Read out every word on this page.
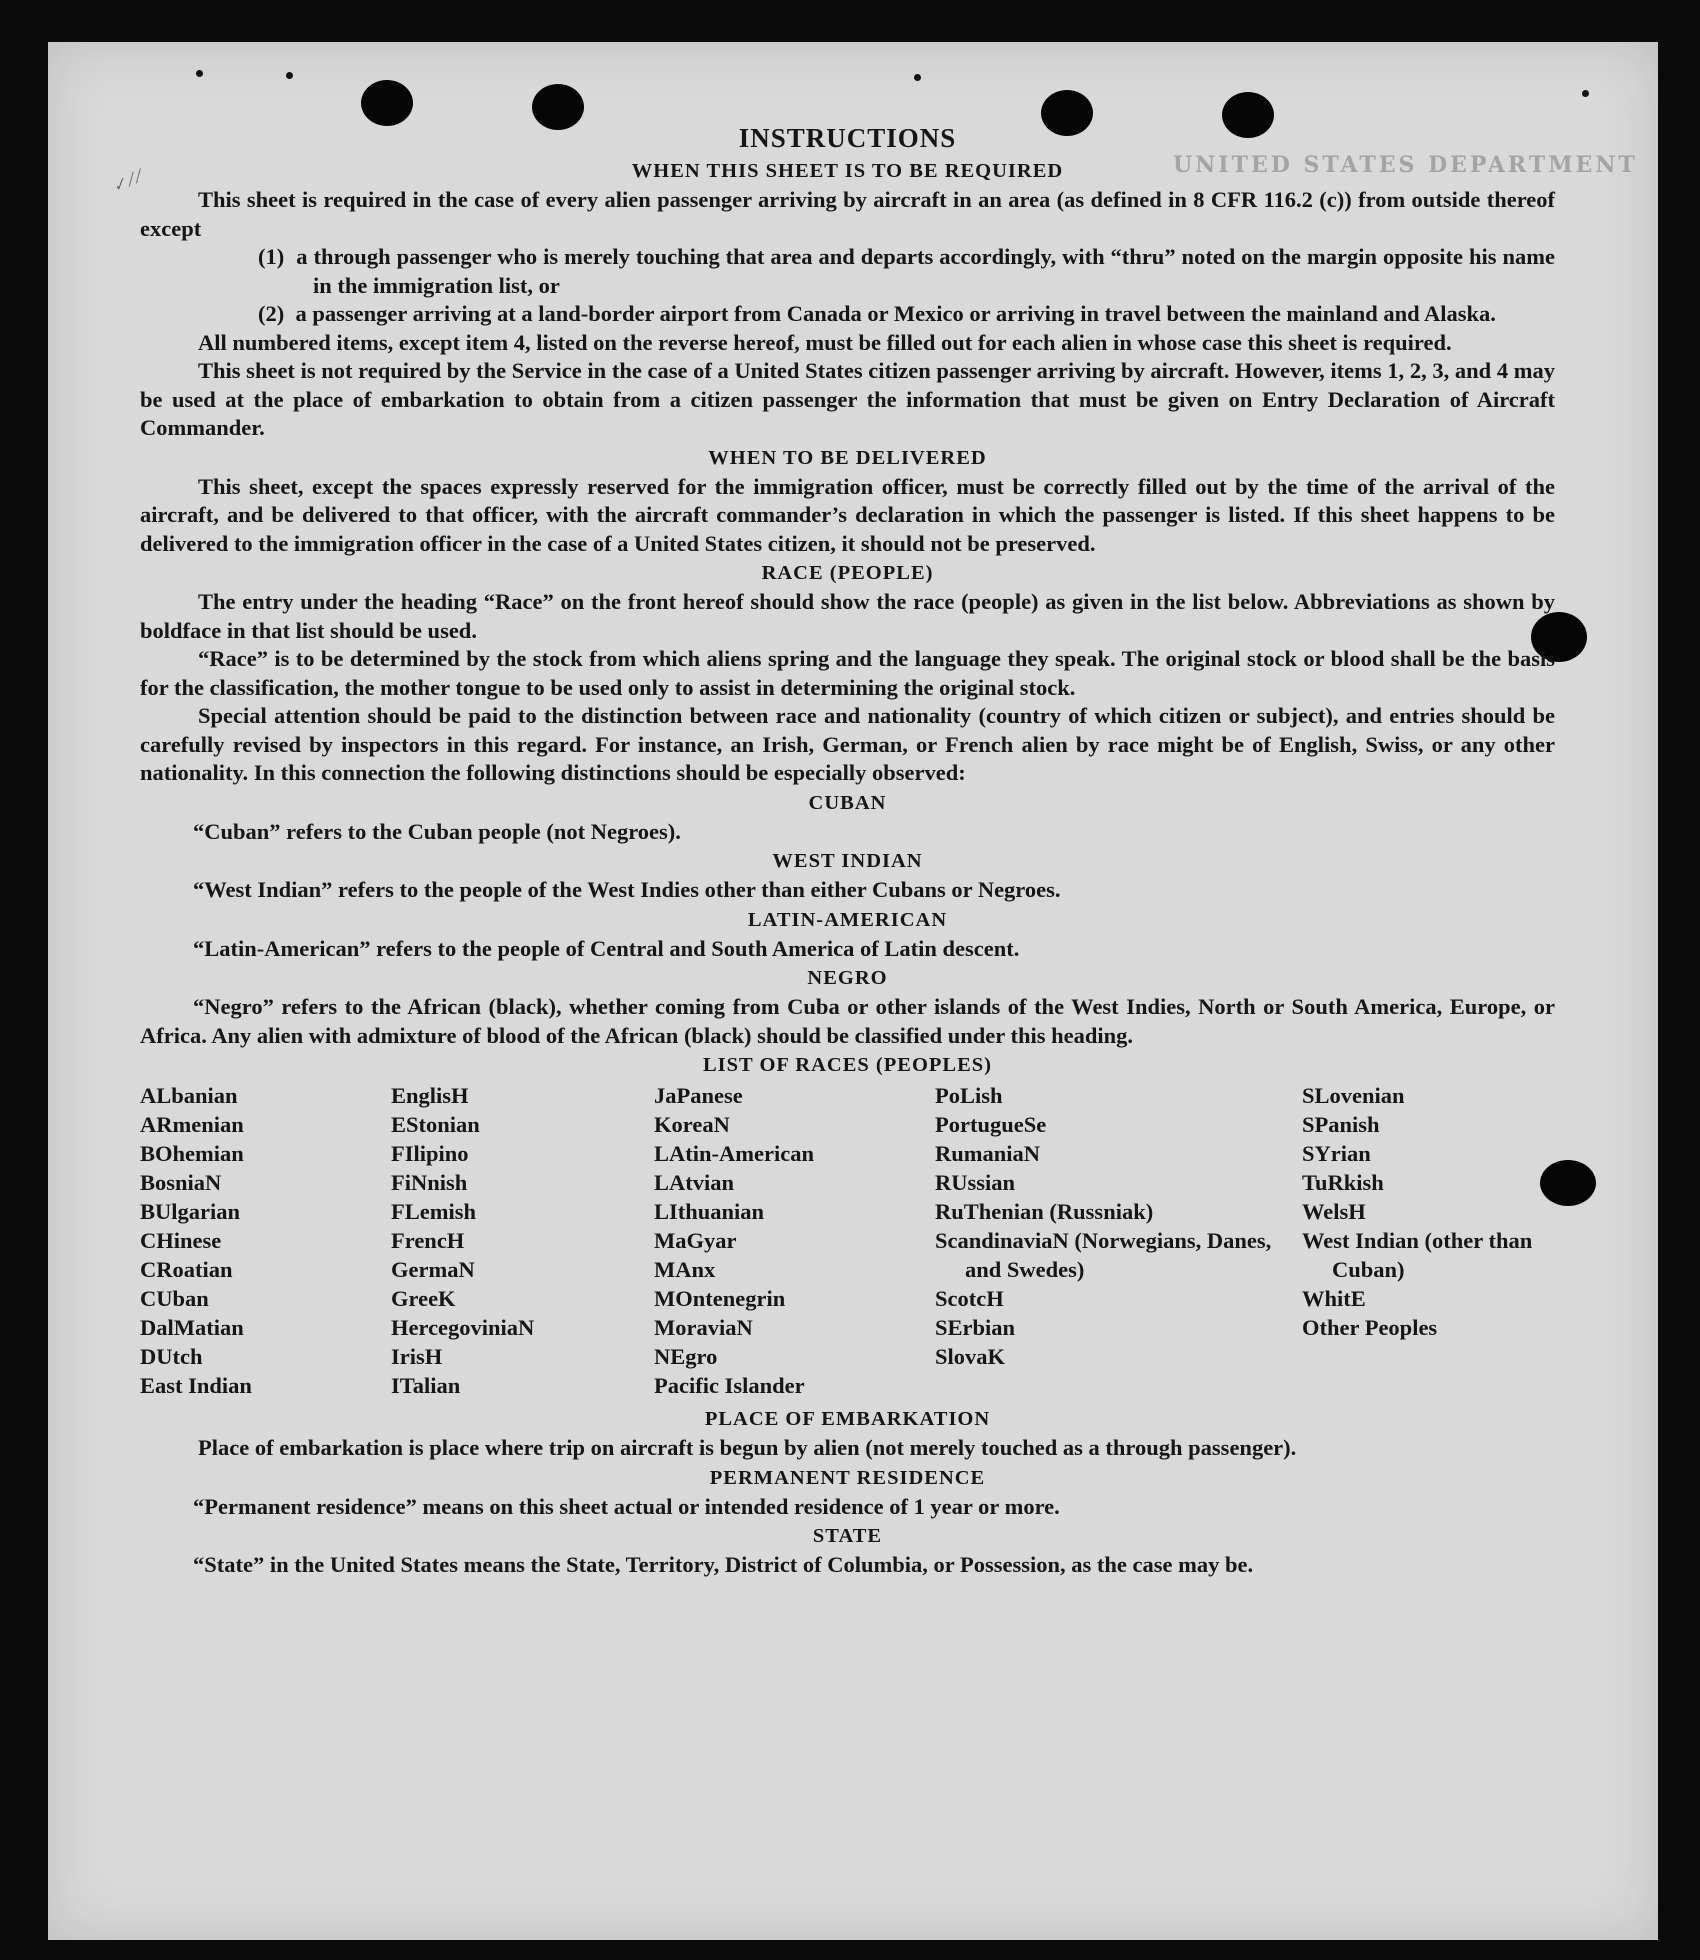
UNITED STATES DEPARTMENT
✓ ⁄ ⁄
INSTRUCTIONS
WHEN THIS SHEET IS TO BE REQUIRED

This sheet is required in the case of every alien passenger arriving by aircraft in an area (as defined in 8 CFR 116.2 (c)) from outside thereof except

(1) a through passenger who is merely touching that area and departs accordingly, with “thru” noted on the margin opposite his name in the immigration list, or

(2) a passenger arriving at a land-border airport from Canada or Mexico or arriving in travel between the mainland and Alaska.

All numbered items, except item 4, listed on the reverse hereof, must be filled out for each alien in whose case this sheet is required.

This sheet is not required by the Service in the case of a United States citizen passenger arriving by aircraft. However, items 1, 2, 3, and 4 may be used at the place of embarkation to obtain from a citizen passenger the information that must be given on Entry Declaration of Aircraft Commander.

WHEN TO BE DELIVERED

This sheet, except the spaces expressly reserved for the immigration officer, must be correctly filled out by the time of the arrival of the aircraft, and be delivered to that officer, with the aircraft commander’s declaration in which the passenger is listed. If this sheet happens to be delivered to the immigration officer in the case of a United States citizen, it should not be preserved.

RACE (PEOPLE)

The entry under the heading “Race” on the front hereof should show the race (people) as given in the list below. Abbreviations as shown by boldface in that list should be used.

“Race” is to be determined by the stock from which aliens spring and the language they speak. The original stock or blood shall be the basis for the classification, the mother tongue to be used only to assist in determining the original stock.

Special attention should be paid to the distinction between race and nationality (country of which citizen or subject), and entries should be carefully revised by inspectors in this regard. For instance, an Irish, German, or French alien by race might be of English, Swiss, or any other nationality. In this connection the following distinctions should be especially observed:

CUBAN

“Cuban” refers to the Cuban people (not Negroes).

WEST INDIAN

“West Indian” refers to the people of the West Indies other than either Cubans or Negroes.

LATIN-AMERICAN

“Latin-American” refers to the people of Central and South America of Latin descent.

NEGRO

“Negro” refers to the African (black), whether coming from Cuba or other islands of the West Indies, North or South America, Europe, or Africa. Any alien with admixture of blood of the African (black) should be classified under this heading.

LIST OF RACES (PEOPLES)
ALbanian
ARmenian
BOhemian
BosniaN
BUlgarian
CHinese
CRoatian
CUban
DalMatian
DUtch
East Indian
EnglisH
EStonian
FIlipino
FiNnish
FLemish
FrencH
GermaN
GreeK
HercegoviniaN
IrisH
ITalian
JaPanese
KoreaN
LAtin-American
LAtvian
LIthuanian
MaGyar
MAnx
MOntenegrin
MoraviaN
NEgro
Pacific Islander
PoLish
PortugueSe
RumaniaN
RUssian
RuThenian (Russniak)
ScandinaviaN (Norwegians, Danes, and Swedes)
ScotcH
SErbian
SlovaK
SLovenian
SPanish
SYrian
TuRkish
WelsH
West Indian (other than Cuban)
WhitE
Other Peoples
PLACE OF EMBARKATION

Place of embarkation is place where trip on aircraft is begun by alien (not merely touched as a through passenger).

PERMANENT RESIDENCE

“Permanent residence” means on this sheet actual or intended residence of 1 year or more.

STATE

“State” in the United States means the State, Territory, District of Columbia, or Possession, as the case may be.
